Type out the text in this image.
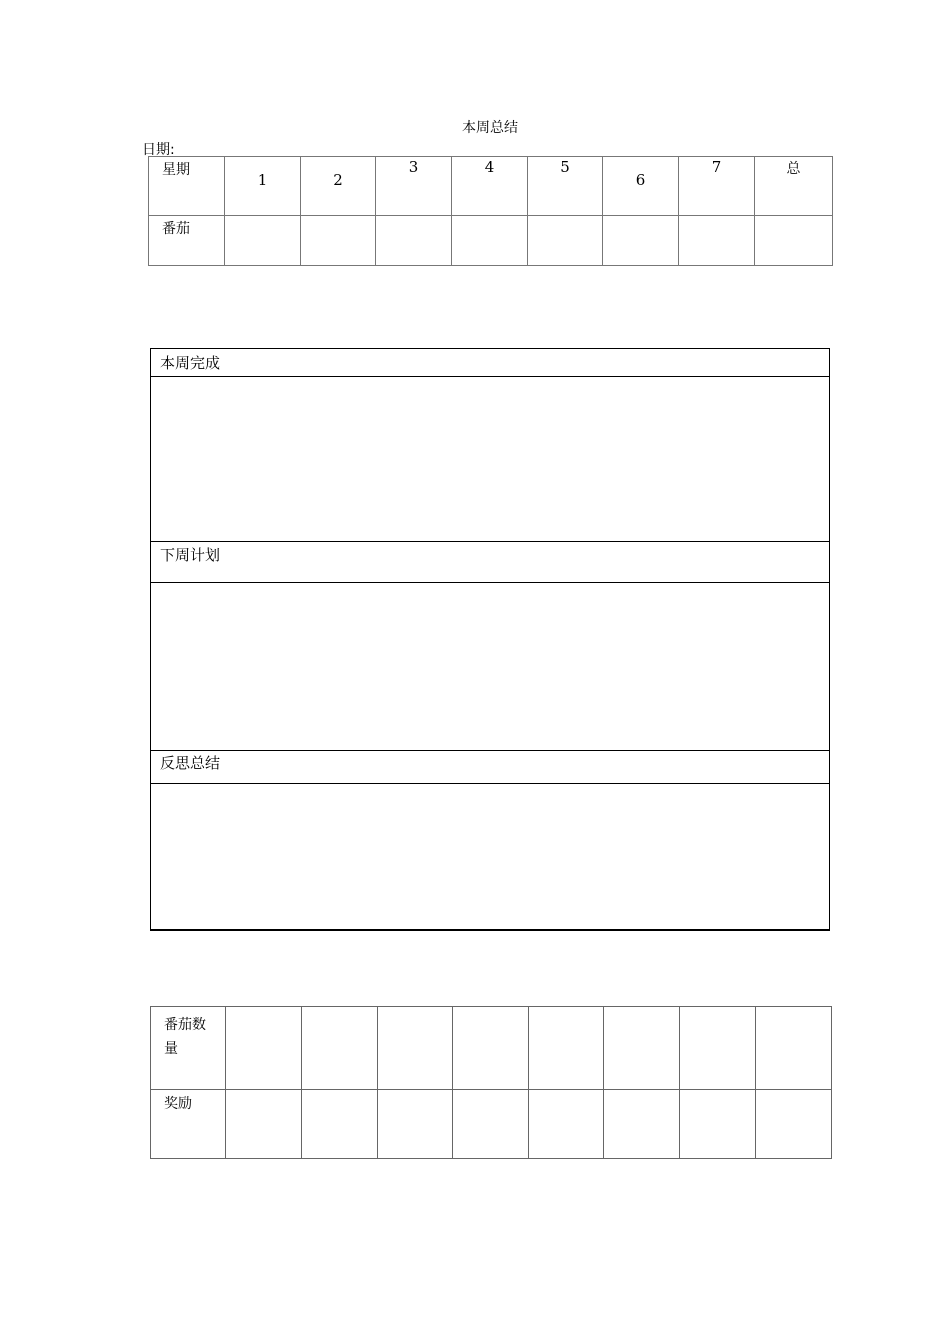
本周总结
日期:
星期	1	2	3	4	5	6	7	总
番茄								
本周完成
下周计划
反思总结
番茄数量								
奖励								
